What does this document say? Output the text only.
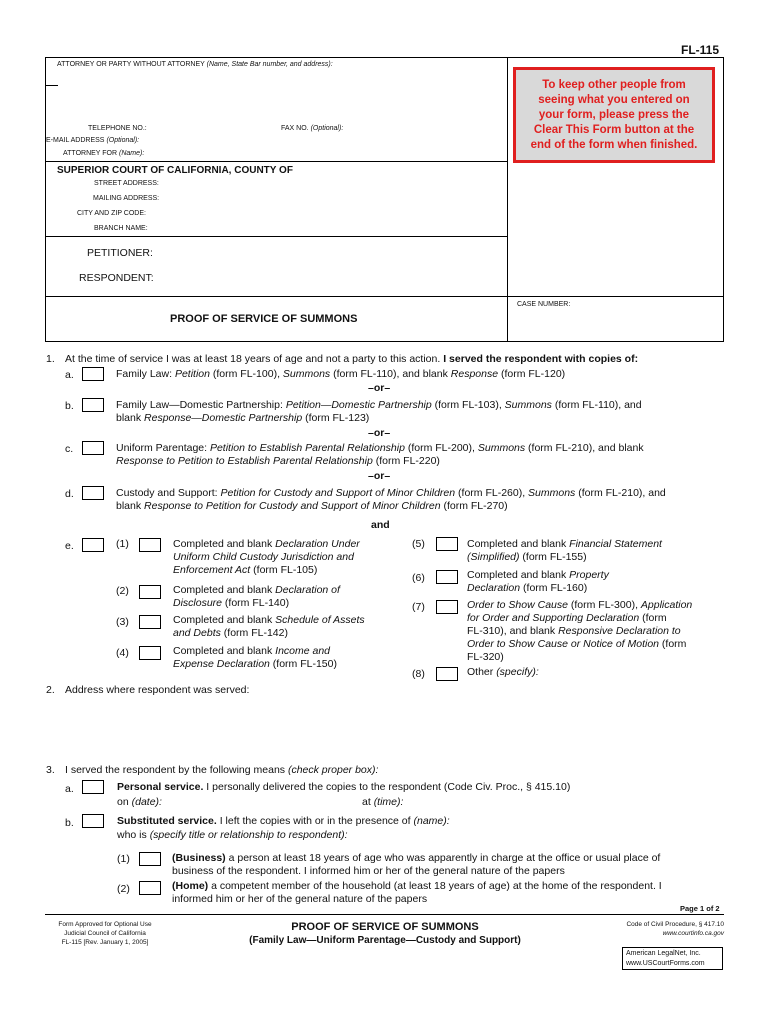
FL-115
ATTORNEY OR PARTY WITHOUT ATTORNEY (Name, State Bar number, and address):
TELEPHONE NO.:	FAX NO. (Optional):
E-MAIL ADDRESS (Optional):
ATTORNEY FOR (Name):
SUPERIOR COURT OF CALIFORNIA, COUNTY OF
STREET ADDRESS:
MAILING ADDRESS:
CITY AND ZIP CODE:
BRANCH NAME:
PETITIONER:
RESPONDENT:
PROOF OF SERVICE OF SUMMONS
CASE NUMBER:
To keep other people from
seeing what you entered on
your form, please press the
Clear This Form button at the
end of the form when finished.
1. At the time of service I was at least 18 years of age and not a party to this action. I served the respondent with copies of:
a.	Family Law: Petition (form FL-100), Summons (form FL-110), and blank Response (form FL-120)
–or–
b.	Family Law—Domestic Partnership: Petition—Domestic Partnership (form FL-103), Summons (form FL-110), and
blank Response—Domestic Partnership (form FL-123)
–or–
c.	Uniform Parentage: Petition to Establish Parental Relationship (form FL-200), Summons (form FL-210), and blank
Response to Petition to Establish Parental Relationship (form FL-220)
–or–
d.	Custody and Support: Petition for Custody and Support of Minor Children (form FL-260), Summons (form FL-210), and
blank Response to Petition for Custody and Support of Minor Children (form FL-270)
and
e.	(1)	Completed and blank Declaration Under
Uniform Child Custody Jurisdiction and
Enforcement Act (form FL-105)
(2)	Completed and blank Declaration of
Disclosure (form FL-140)
(3)	Completed and blank Schedule of Assets
and Debts (form FL-142)
(4)	Completed and blank Income and
Expense Declaration (form FL-150)
(5)	Completed and blank Financial Statement
(Simplified) (form FL-155)
(6)	Completed and blank Property
Declaration (form FL-160)
(7)	Order to Show Cause (form FL-300), Application
for Order and Supporting Declaration (form
FL-310), and blank Responsive Declaration to
Order to Show Cause or Notice of Motion (form
FL-320)
(8)	Other (specify):
2. Address where respondent was served:
3. I served the respondent by the following means (check proper box):
a.	Personal service. I personally delivered the copies to the respondent (Code Civ. Proc., § 415.10)
on (date):	at (time):
b.	Substituted service. I left the copies with or in the presence of (name):
who is (specify title or relationship to respondent):
(1)	(Business) a person at least 18 years of age who was apparently in charge at the office or usual place of
business of the respondent. I informed him or her of the general nature of the papers
(2)	(Home) a competent member of the household (at least 18 years of age) at the home of the respondent. I
informed him or her of the general nature of the papers
Page 1 of 2
Form Approved for Optional Use
Judicial Council of California
FL-115 [Rev. January 1, 2005]
PROOF OF SERVICE OF SUMMONS
(Family Law—Uniform Parentage—Custody and Support)
Code of Civil Procedure, § 417.10
www.courtinfo.ca.gov
American LegalNet, Inc.
www.USCourtForms.com
